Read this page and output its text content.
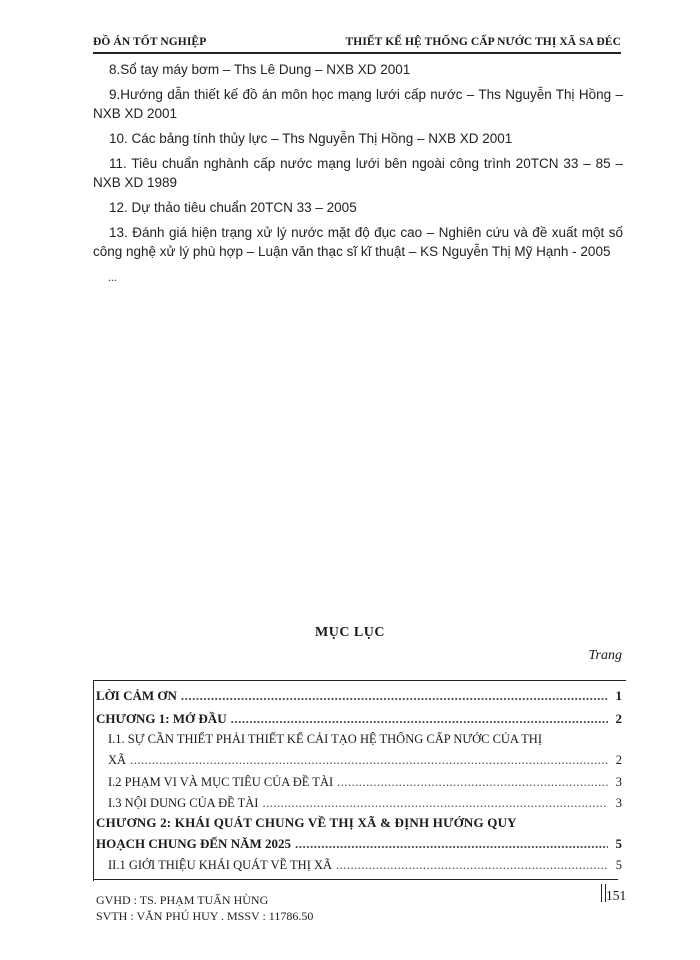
ĐỒ ÁN TỐT NGHIỆP	THIẾT KẾ HỆ THỐNG CẤP NƯỚC THỊ XÃ SA ĐÉC

8.Sổ tay máy bơm – Ths Lê Dung – NXB XD 2001

9.Hướng dẫn thiết kế đồ án môn học mạng lưới cấp nước – Ths Nguyễn Thị Hồng – NXB XD 2001

10. Các bảng tính thủy lực – Ths Nguyễn Thị Hồng – NXB XD 2001

11. Tiêu chuẩn nghành cấp nước mạng lưới bên ngoài công trình 20TCN 33 – 85 – NXB XD 1989

12. Dự thảo tiêu chuẩn 20TCN 33 – 2005

13. Đánh giá hiện trạng xử lý nước mặt độ đục cao – Nghiên cứu và đề xuất một số công nghệ xử lý phù hợp – Luận văn thạc sĩ kĩ thuật – KS Nguyễn Thị Mỹ Hạnh - 2005

...
MỤC LỤC
Trang
LỜI CẢM ƠN .....	1
CHƯƠNG 1: MỞ ĐẦU .....	2
I.1. SỰ CẦN THIẾT PHẢI THIẾT KẾ CẢI TẠO HỆ THỐNG CẤP NƯỚC CỦA THỊ
XÃ .....	2
I.2 PHẠM VI VÀ MỤC TIÊU CỦA ĐỀ TÀI .....	3
I.3 NỘI DUNG CỦA ĐỀ TÀI .....	3
CHƯƠNG 2: KHÁI QUÁT CHUNG VỀ THỊ XÃ & ĐỊNH HƯỚNG QUY
HOẠCH CHUNG ĐẾN NĂM 2025 .....	5
II.1 GIỚI THIỆU KHÁI QUÁT VỀ THỊ XÃ .....	5
GVHD : TS. PHẠM TUẤN HÙNG
SVTH : VĂN PHÚ HUY . MSSV : 11786.50
151
